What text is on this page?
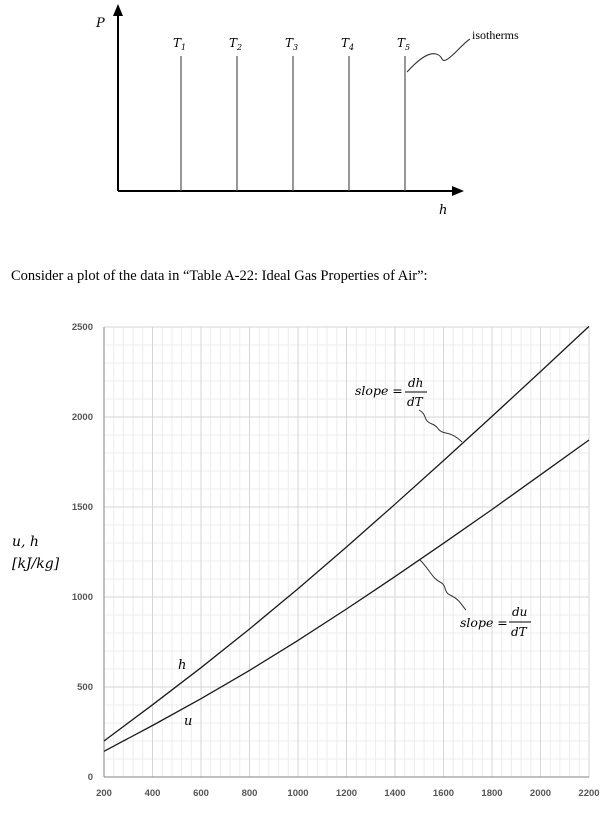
P
h
$T_1$	$T_2$	$T_3$	$T_4$	$T_5$
isotherms
Consider a plot of the data in “Table A-22: Ideal Gas Properties of Air”:
200	400	600	800	1000	1200	1400	1600	1800	2000	2200
0
500
1000
1500
2000
2500
h
u
slope = dh
dT
slope =
du
dT
u, h
[kJ/kg]
